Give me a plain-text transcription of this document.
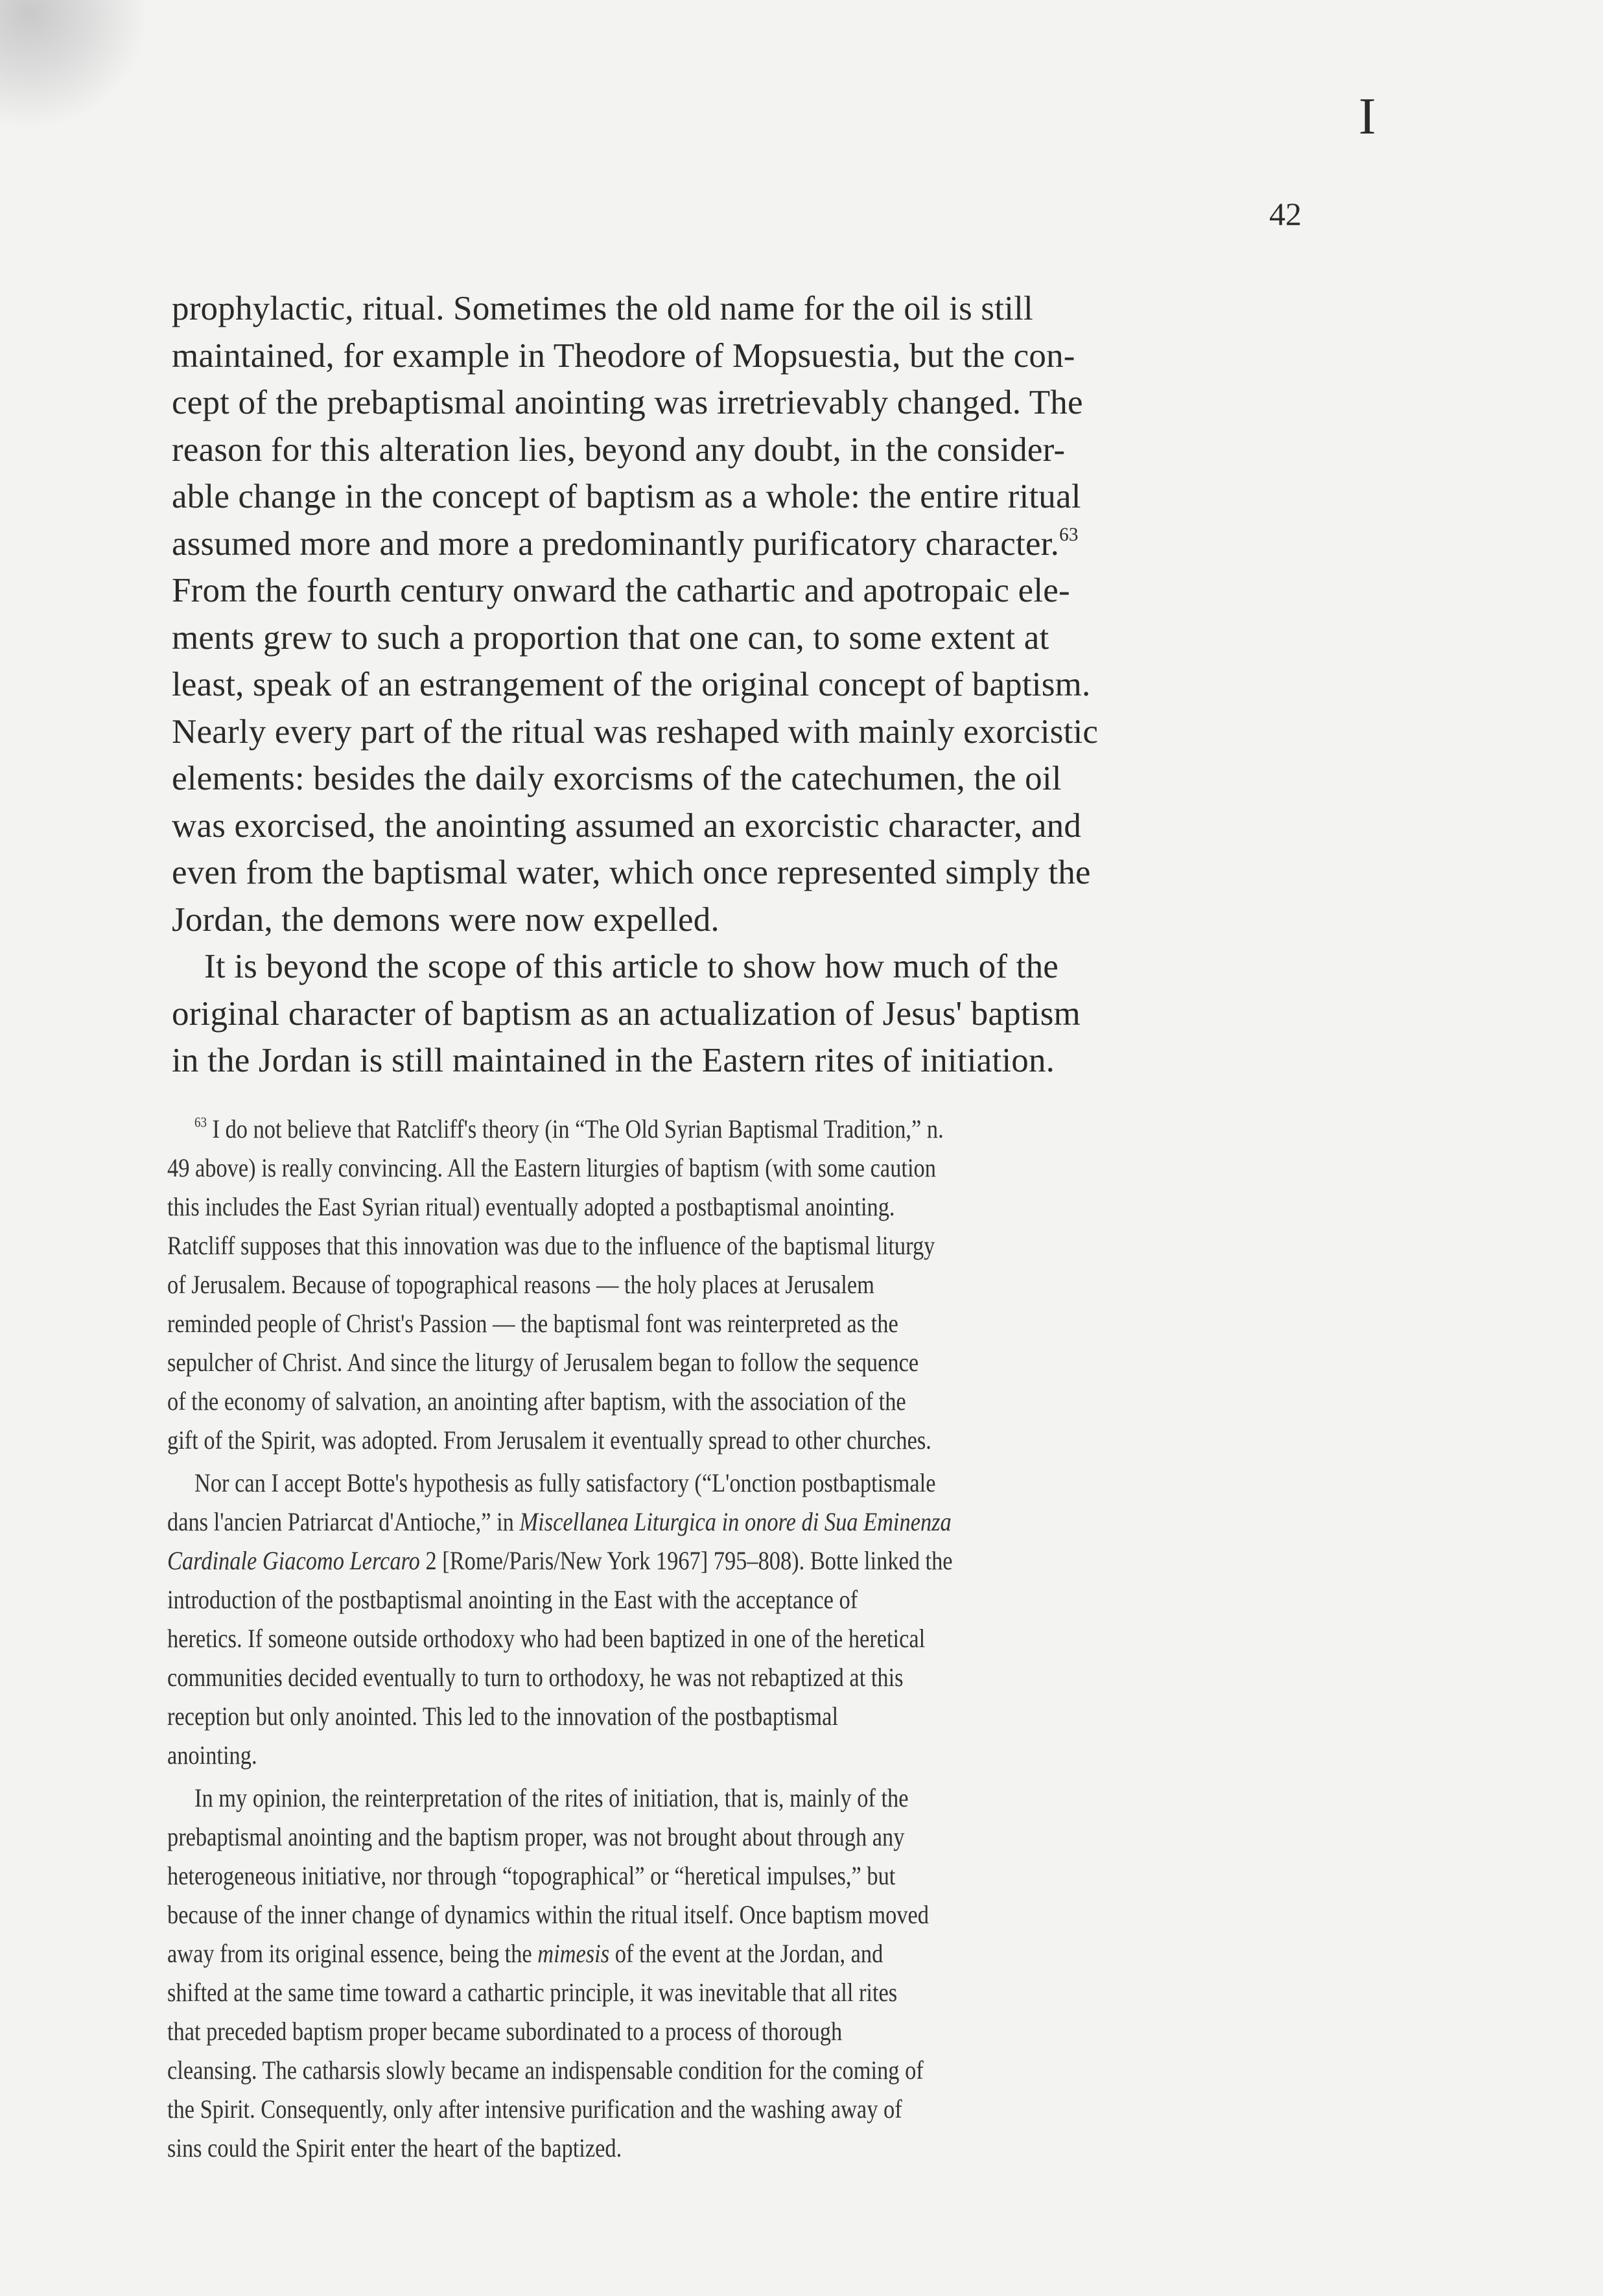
I
42
prophylactic, ritual. Sometimes the old name for the oil is still
maintained, for example in Theodore of Mopsuestia, but the con-
cept of the prebaptismal anointing was irretrievably changed. The
reason for this alteration lies, beyond any doubt, in the consider-
able change in the concept of baptism as a whole: the entire ritual
assumed more and more a predominantly purificatory character.$^{63}$
From the fourth century onward the cathartic and apotropaic ele-
ments grew to such a proportion that one can, to some extent at
least, speak of an estrangement of the original concept of baptism.
Nearly every part of the ritual was reshaped with mainly exorcistic
elements: besides the daily exorcisms of the catechumen, the oil
was exorcised, the anointing assumed an exorcistic character, and
even from the baptismal water, which once represented simply the
Jordan, the demons were now expelled.
It is beyond the scope of this article to show how much of the
original character of baptism as an actualization of Jesus' baptism
in the Jordan is still maintained in the Eastern rites of initiation.
$^{63}$ I do not believe that Ratcliff's theory (in “The Old Syrian Baptismal Tradition,” n.
49 above) is really convincing. All the Eastern liturgies of baptism (with some caution
this includes the East Syrian ritual) eventually adopted a postbaptismal anointing.
Ratcliff supposes that this innovation was due to the influence of the baptismal liturgy
of Jerusalem. Because of topographical reasons — the holy places at Jerusalem
reminded people of Christ's Passion — the baptismal font was reinterpreted as the
sepulcher of Christ. And since the liturgy of Jerusalem began to follow the sequence
of the economy of salvation, an anointing after baptism, with the association of the
gift of the Spirit, was adopted. From Jerusalem it eventually spread to other churches.
Nor can I accept Botte's hypothesis as fully satisfactory (“L'onction postbaptismale
dans l'ancien Patriarcat d'Antioche,” in Miscellanea Liturgica in onore di Sua Eminenza
Cardinale Giacomo Lercaro 2 [Rome/Paris/New York 1967] 795–808). Botte linked the
introduction of the postbaptismal anointing in the East with the acceptance of
heretics. If someone outside orthodoxy who had been baptized in one of the heretical
communities decided eventually to turn to orthodoxy, he was not rebaptized at this
reception but only anointed. This led to the innovation of the postbaptismal
anointing.
In my opinion, the reinterpretation of the rites of initiation, that is, mainly of the
prebaptismal anointing and the baptism proper, was not brought about through any
heterogeneous initiative, nor through “topographical” or “heretical impulses,” but
because of the inner change of dynamics within the ritual itself. Once baptism moved
away from its original essence, being the mimesis of the event at the Jordan, and
shifted at the same time toward a cathartic principle, it was inevitable that all rites
that preceded baptism proper became subordinated to a process of thorough
cleansing. The catharsis slowly became an indispensable condition for the coming of
the Spirit. Consequently, only after intensive purification and the washing away of
sins could the Spirit enter the heart of the baptized.
